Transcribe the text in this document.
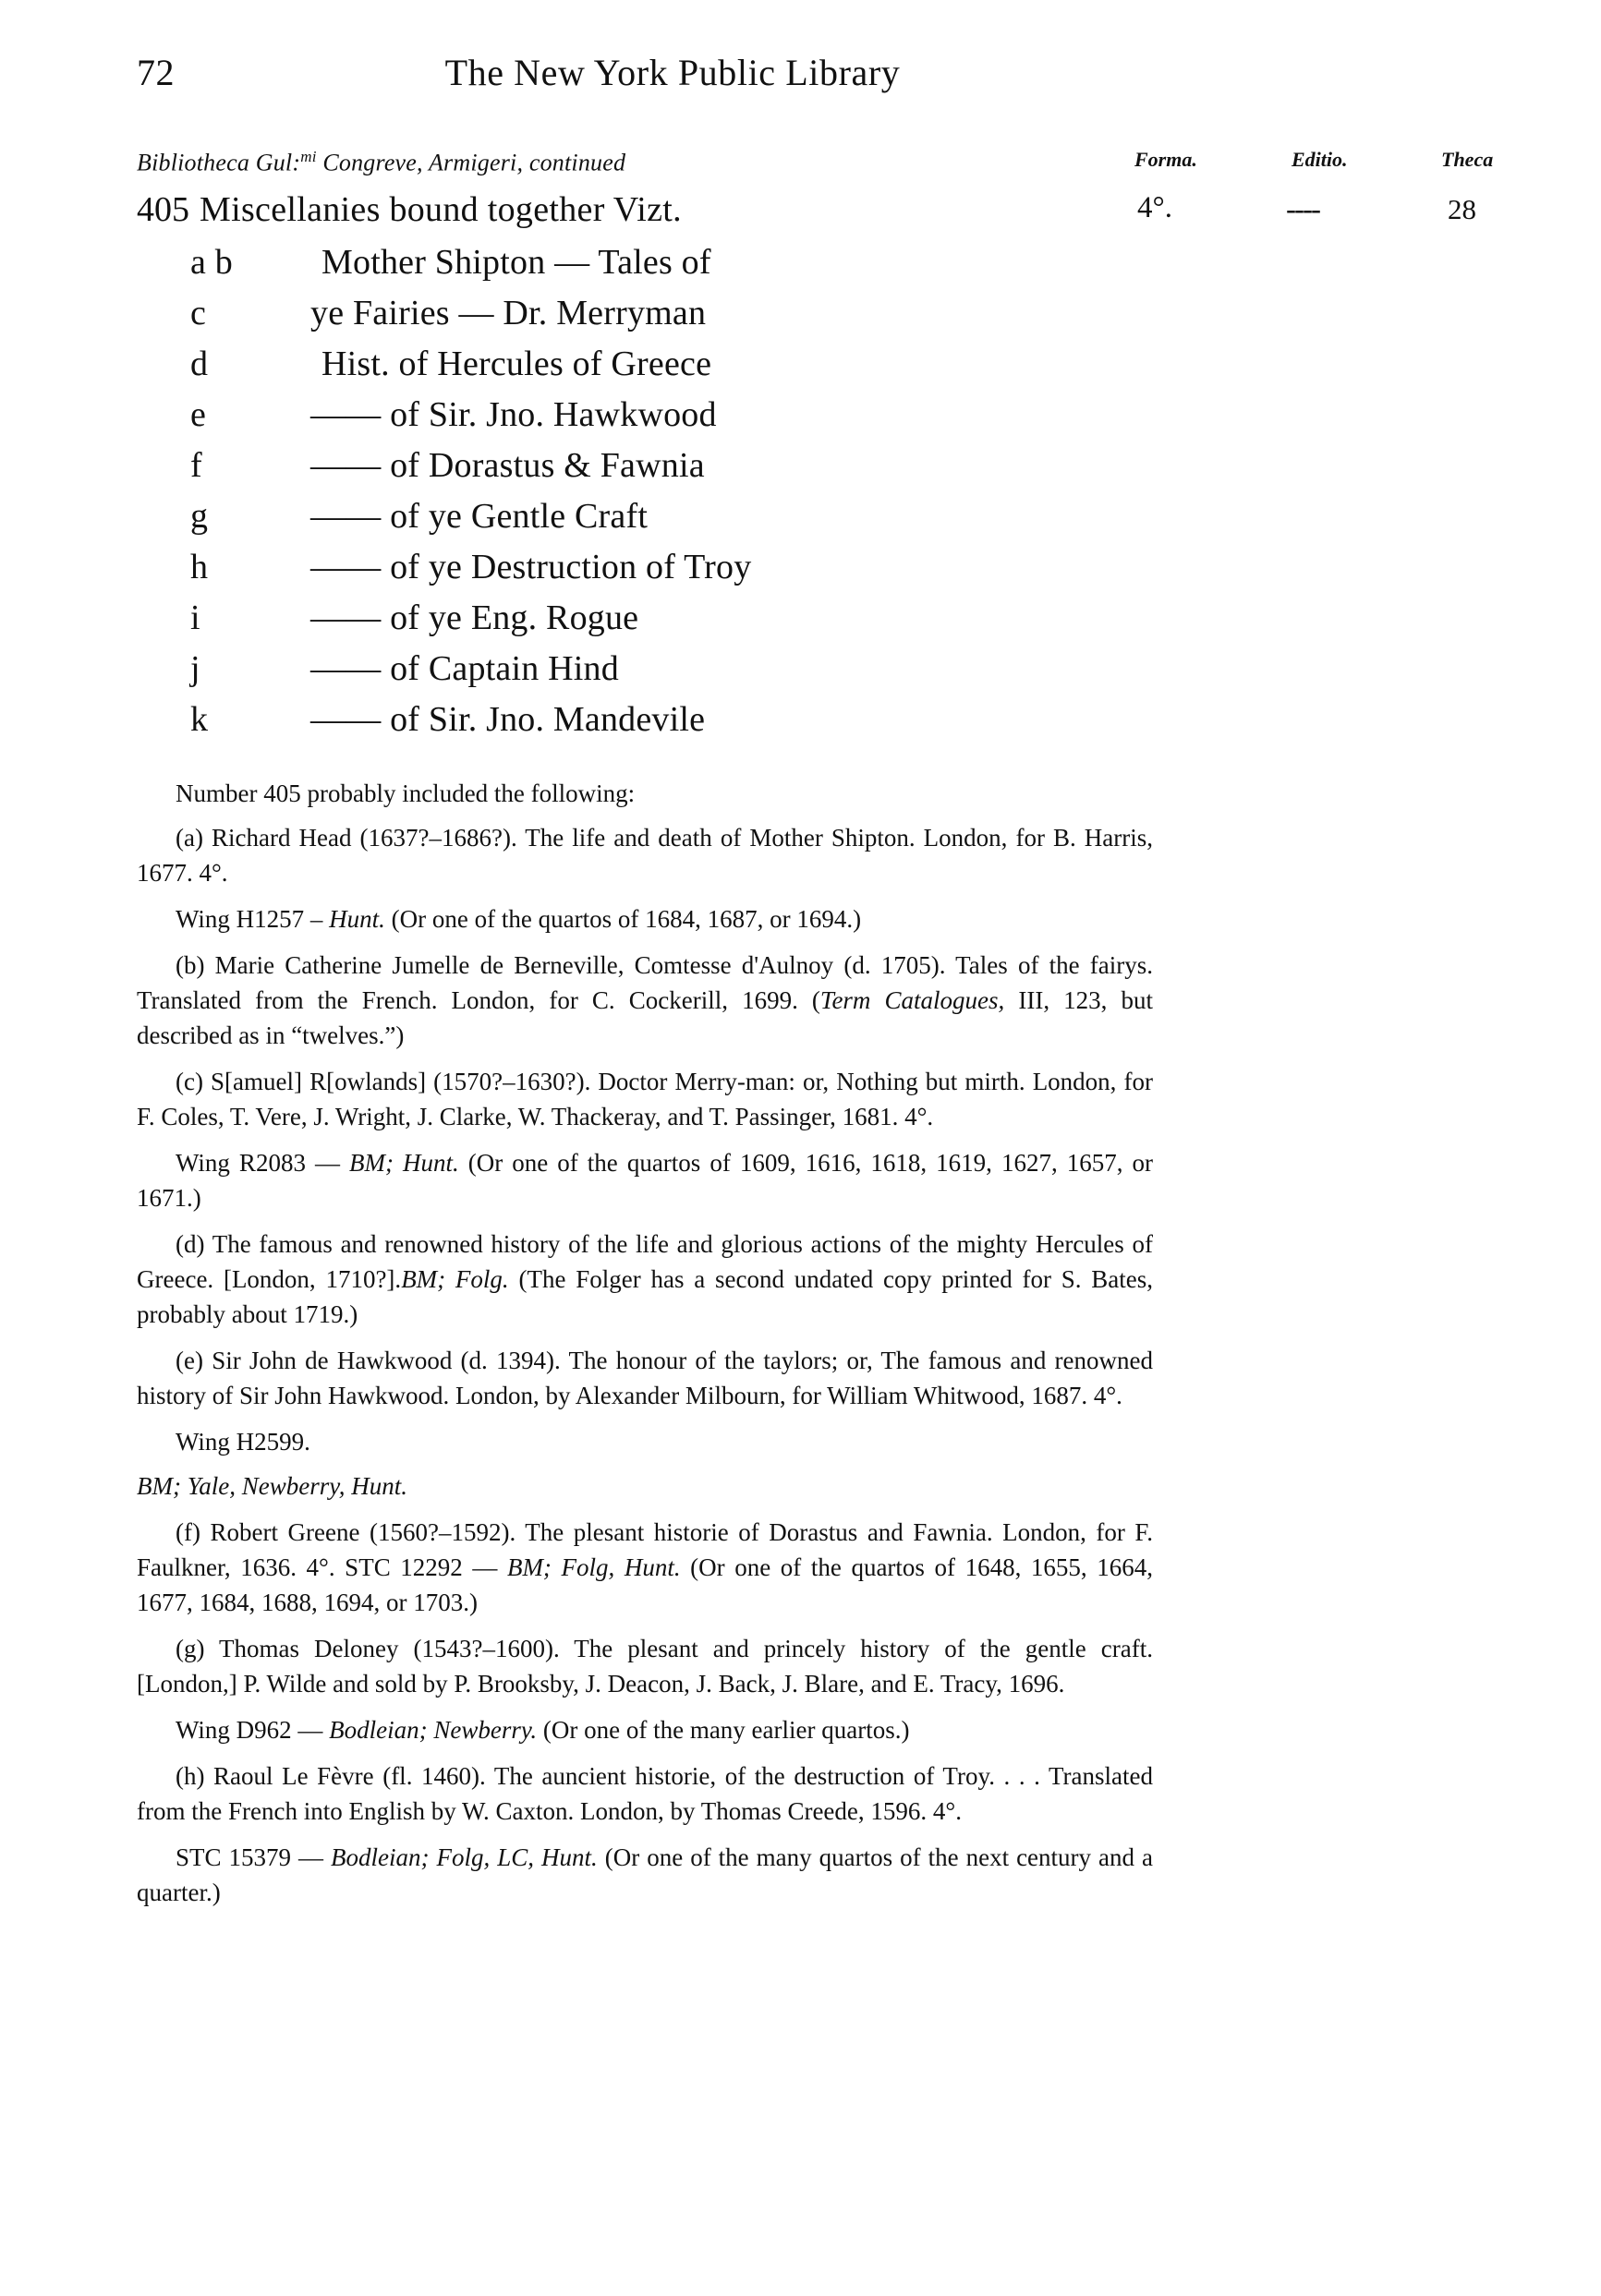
72	The New York Public Library
Bibliotheca Gul:$^{mi}$ Congreve, Armigeri, continued	Forma.	Editio.	Theca
405 Miscellanies bound together Vizt.	4°.	----	28
a b	Mother Shipton — Tales of
c	ye Fairies — Dr. Merryman
d	Hist. of Hercules of Greece
e	—— of Sir. Jno. Hawkwood
f	—— of Dorastus & Fawnia
g	—— of ye Gentle Craft
h	—— of ye Destruction of Troy
i	—— of ye Eng. Rogue
j	—— of Captain Hind
k	—— of Sir. Jno. Mandevile

Number 405 probably included the following:

(a) Richard Head (1637?–1686?). The life and death of Mother Shipton. London, for B. Harris, 1677. 4°.

Wing H1257 – Hunt. (Or one of the quartos of 1684, 1687, or 1694.)

(b) Marie Catherine Jumelle de Berneville, Comtesse d'Aulnoy (d. 1705). Tales of the fairys. Translated from the French. London, for C. Cockerill, 1699. (Term Catalogues, III, 123, but described as in “twelves.”)

(c) S[amuel] R[owlands] (1570?–1630?). Doctor Merry-man: or, Nothing but mirth. London, for F. Coles, T. Vere, J. Wright, J. Clarke, W. Thackeray, and T. Passinger, 1681. 4°.

Wing R2083 — BM; Hunt. (Or one of the quartos of 1609, 1616, 1618, 1619, 1627, 1657, or 1671.)

(d) The famous and renowned history of the life and glorious actions of the mighty Hercules of Greece. [London, 1710?].BM; Folg. (The Folger has a second undated copy printed for S. Bates, probably about 1719.)

(e) Sir John de Hawkwood (d. 1394). The honour of the taylors; or, The famous and renowned history of Sir John Hawkwood. London, by Alexander Milbourn, for William Whitwood, 1687. 4°.

Wing H2599.

BM; Yale, Newberry, Hunt.

(f) Robert Greene (1560?–1592). The plesant historie of Dorastus and Fawnia. London, for F. Faulkner, 1636. 4°. STC 12292 — BM; Folg, Hunt. (Or one of the quartos of 1648, 1655, 1664, 1677, 1684, 1688, 1694, or 1703.)

(g) Thomas Deloney (1543?–1600). The plesant and princely history of the gentle craft. [London,] P. Wilde and sold by P. Brooksby, J. Deacon, J. Back, J. Blare, and E. Tracy, 1696.

Wing D962 — Bodleian; Newberry. (Or one of the many earlier quartos.)

(h) Raoul Le Fèvre (fl. 1460). The auncient historie, of the destruction of Troy. . . . Translated from the French into English by W. Caxton. London, by Thomas Creede, 1596. 4°.

STC 15379 — Bodleian; Folg, LC, Hunt. (Or one of the many quartos of the next century and a quarter.)
